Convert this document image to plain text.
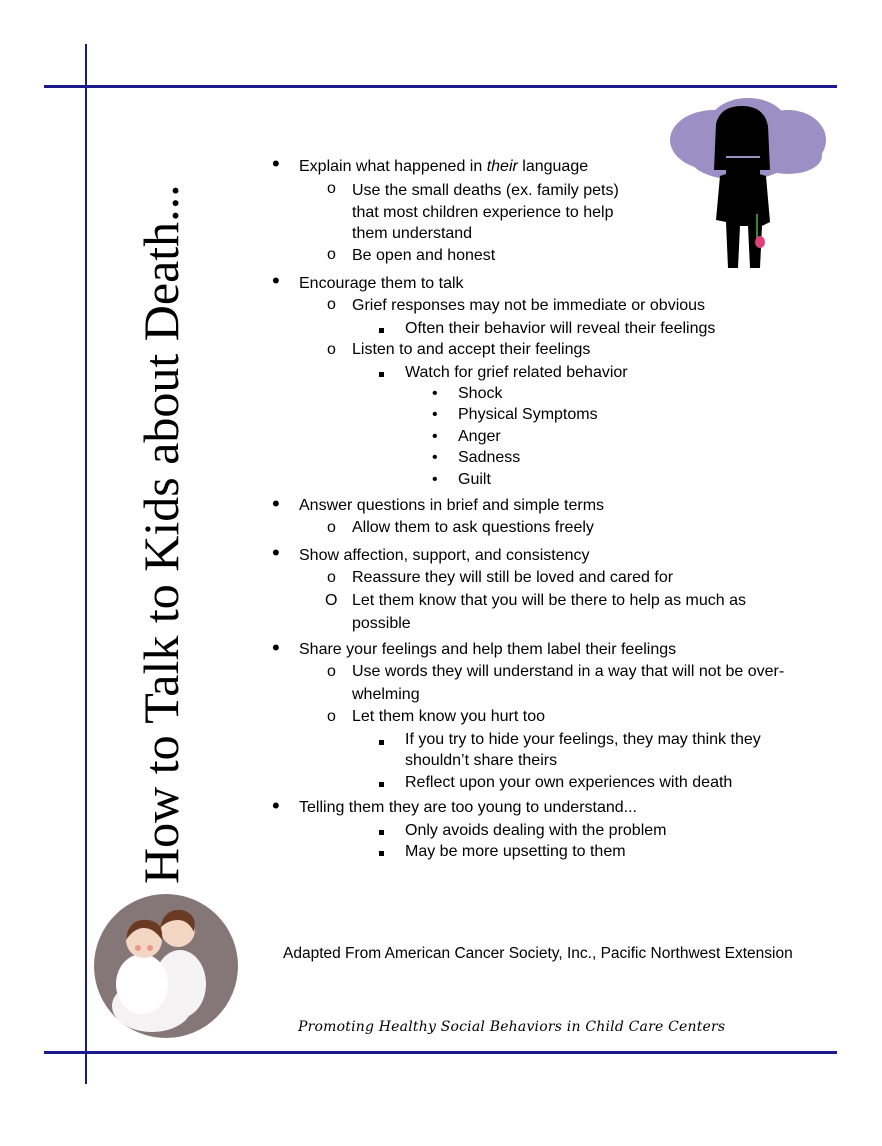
How to Talk to Kids about Death...
• Explain what happened in their language
o Use the small deaths (ex. family pets)
that most children experience to help
them understand
o Be open and honest
• Encourage them to talk
o Grief responses may not be immediate or obvious
Often their behavior will reveal their feelings
o Listen to and accept their feelings
Watch for grief related behavior
• Shock
• Physical Symptoms
• Anger
• Sadness
• Guilt
• Answer questions in brief and simple terms
o Allow them to ask questions freely
• Show affection, support, and consistency
o Reassure they will still be loved and cared for
O Let them know that you will be there to help as much as
possible
• Share your feelings and help them label their feelings
o Use words they will understand in a way that will not be over-
whelming
o Let them know you hurt too
If you try to hide your feelings, they may think they
shouldn’t share theirs
Reflect upon your own experiences with death
• Telling them they are too young to understand...
Only avoids dealing with the problem
May be more upsetting to them
Adapted From American Cancer Society, Inc., Pacific Northwest Extension
Promoting Healthy Social Behaviors in Child Care Centers
